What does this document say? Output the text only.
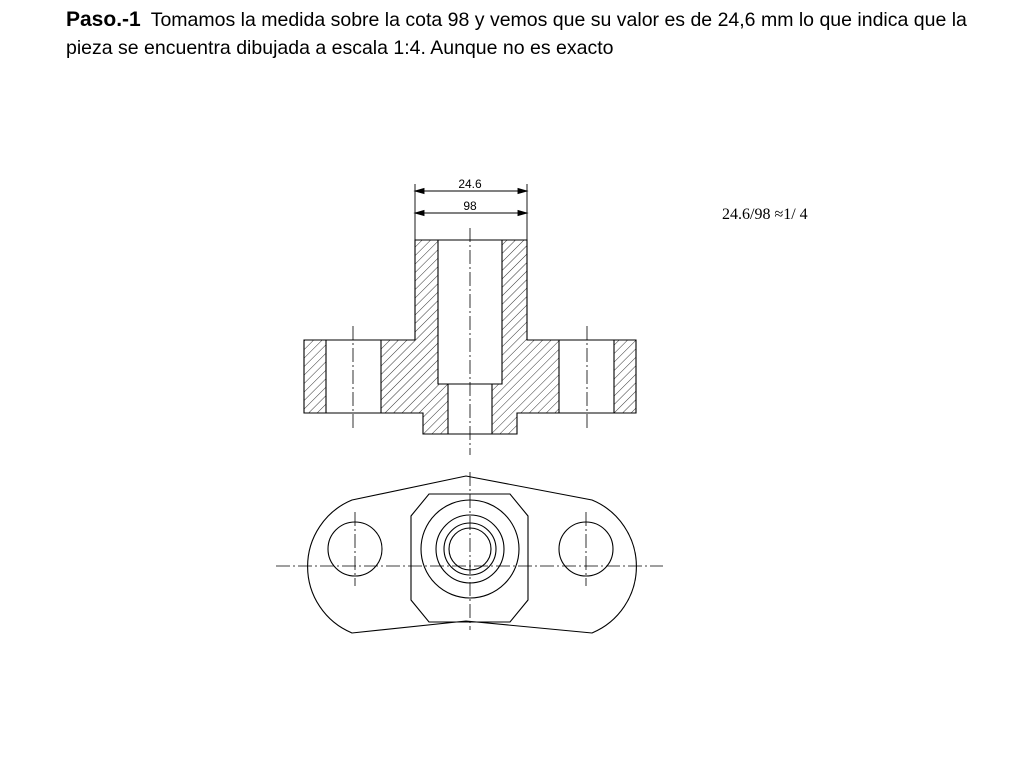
Paso.-1 Tomamos la medida sobre la cota 98 y vemos que su valor es de 24,6 mm lo que indica que la pieza se encuentra dibujada a escala 1:4. Aunque no es exacto
24.6
98	24.6/98 ≈1/ 4
